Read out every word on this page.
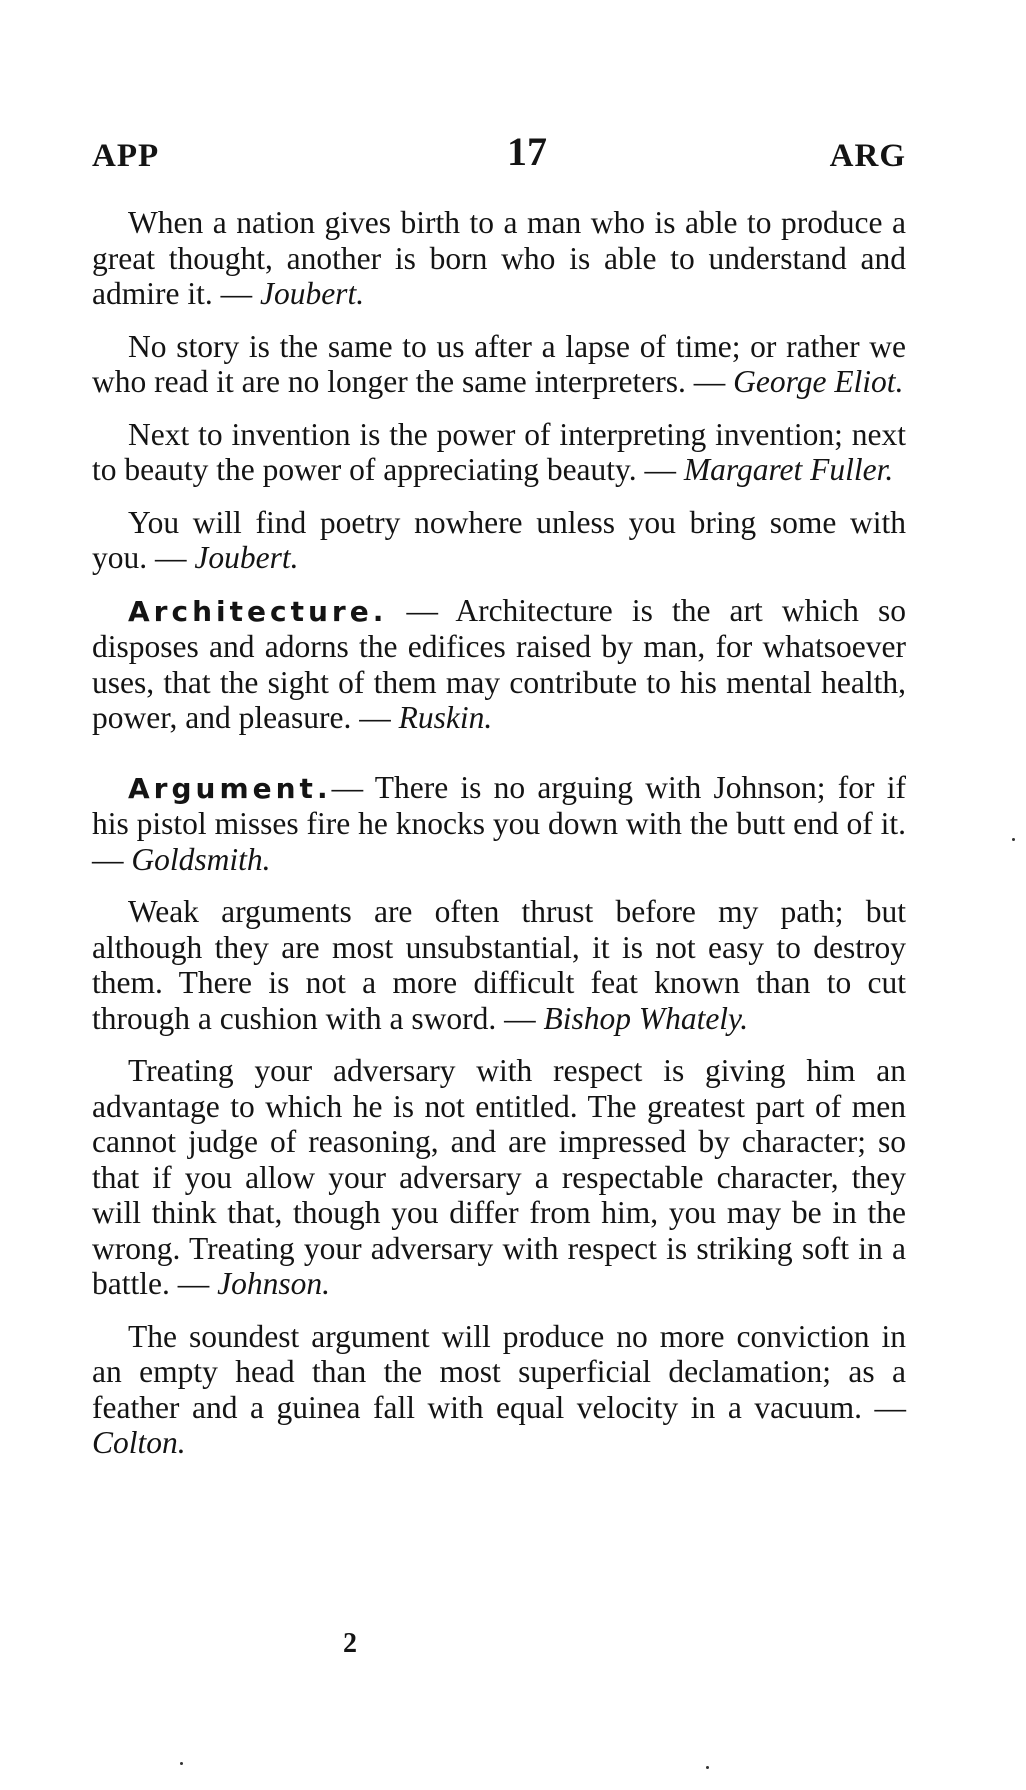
APP	17	ARG

When a nation gives birth to a man who is able to produce a great thought, another is born who is able to understand and admire it. — Joubert.

No story is the same to us after a lapse of time; or rather we who read it are no longer the same interpreters. — George Eliot.

Next to invention is the power of interpreting invention; next to beauty the power of appreciating beauty. — Margaret Fuller.

You will find poetry nowhere unless you bring some with you. — Joubert.

Architecture. — Architecture is the art which so disposes and adorns the edifices raised by man, for whatsoever uses, that the sight of them may contribute to his mental health, power, and pleasure. — Ruskin.

Argument.— There is no arguing with Johnson; for if his pistol misses fire he knocks you down with the butt end of it. — Goldsmith.

Weak arguments are often thrust before my path; but although they are most unsubstantial, it is not easy to destroy them. There is not a more difficult feat known than to cut through a cushion with a sword. — Bishop Whately.

Treating your adversary with respect is giving him an advantage to which he is not entitled. The greatest part of men cannot judge of reasoning, and are impressed by character; so that if you allow your adversary a respectable character, they will think that, though you differ from him, you may be in the wrong. Treating your adversary with respect is striking soft in a battle. — Johnson.

The soundest argument will produce no more conviction in an empty head than the most superficial declamation; as a feather and a guinea fall with equal velocity in a vacuum. — Colton.

2
